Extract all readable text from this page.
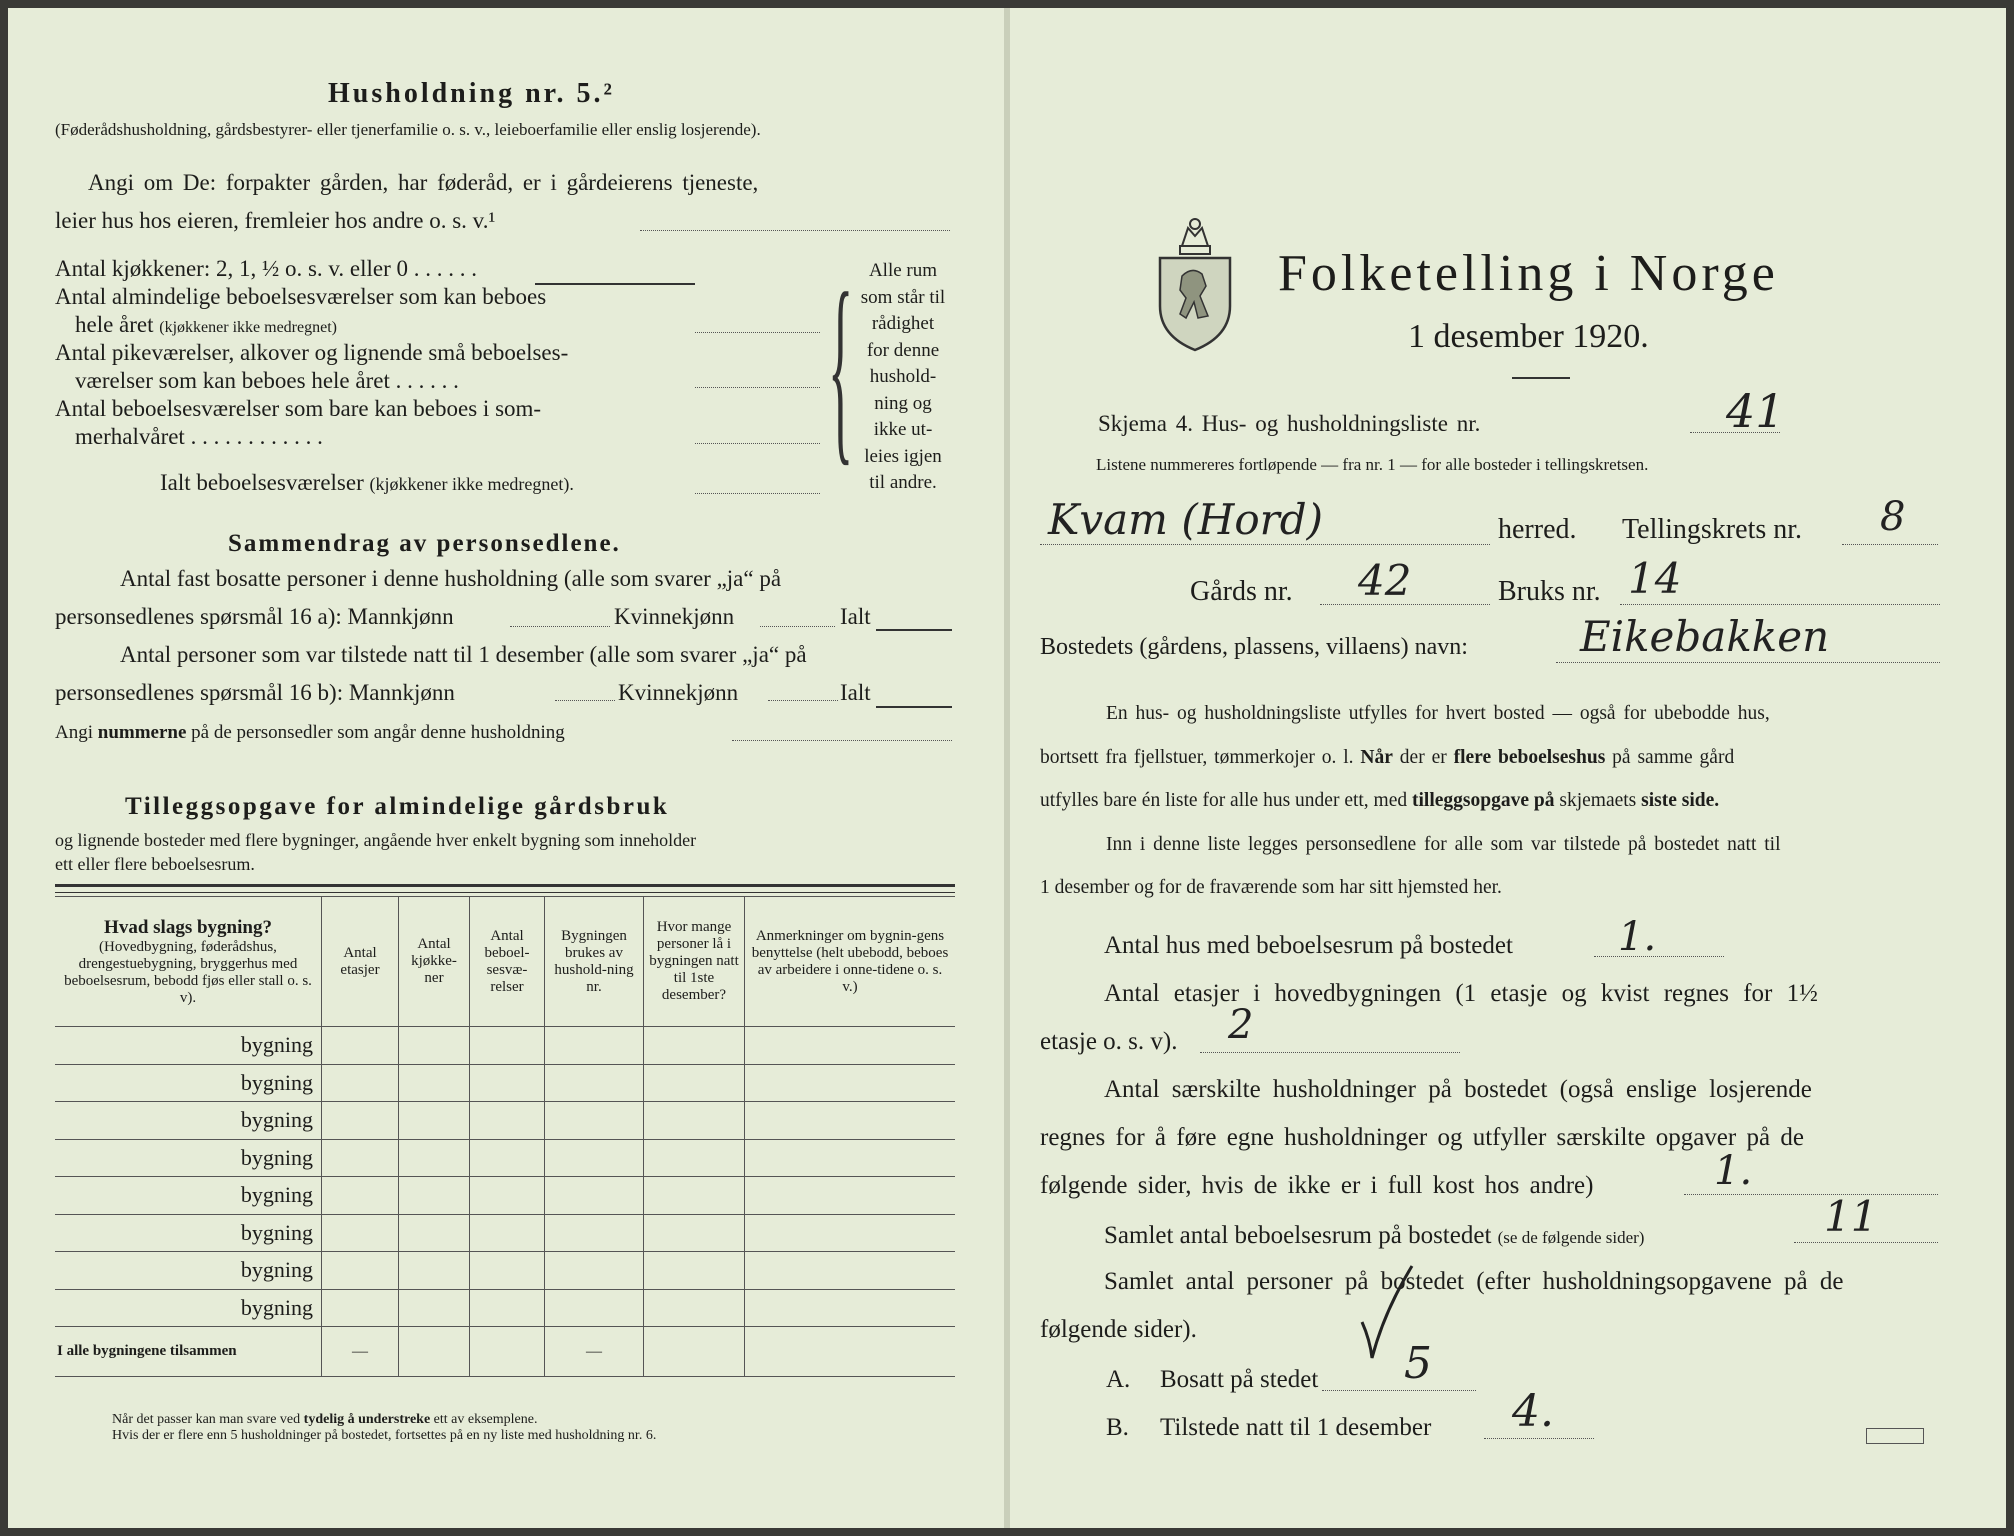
Husholdning nr. 5.²
(Føderådshusholdning, gårdsbestyrer- eller tjenerfamilie o. s. v., leieboerfamilie eller enslig losjerende).
Angi om De: forpakter gården, har føderåd, er i gårdeierens tjeneste,
leier hus hos eieren, fremleier hos andre o. s. v.¹
Antal kjøkkener: 2, 1, ½ o. s. v. eller 0 . . . . . .
Antal almindelige beboelsesværelser som kan beboes
hele året (kjøkkener ikke medregnet)
Antal pikeværelser, alkover og lignende små beboelses-
værelser som kan beboes hele året . . . . . .
Antal beboelsesværelser som bare kan beboes i som-
merhalvåret . . . . . . . . . . . . { Alle rum
som står til
rådighet
for denne
hushold-
ning og
ikke ut-
leies igjen
til andre.
Ialt beboelsesværelser (kjøkkener ikke medregnet).
Sammendrag av personsedlene.
Antal fast bosatte personer i denne husholdning (alle som svarer „ja“ på
personsedlenes spørsmål 16 a): Mannkjønn	Kvinnekjønn	Ialt
Antal personer som var tilstede natt til 1 desember (alle som svarer „ja“ på
personsedlenes spørsmål 16 b): Mannkjønn	Kvinnekjønn	Ialt
Angi nummerne på de personsedler som angår denne husholdning
Tilleggsopgave for almindelige gårdsbruk
og lignende bosteder med flere bygninger, angående hver enkelt bygning som inneholder
ett eller flere beboelsesrum.
Hvad slags bygning?
(Hovedbygning, føderådshus, drengestuebygning, bryggerhus med beboelsesrum, bebodd fjøs eller stall o. s. v).	Antal etasjer	Antal kjøkke-ner	Antal beboel-sesvæ-relser	Bygningen brukes av hushold-ning nr.	Hvor mange personer lå i bygningen natt til 1ste desember?	Anmerkninger om bygnin-gens benyttelse (helt ubebodd, beboes av arbeidere i onne-tidene o. s. v.)
bygning						
bygning						
bygning						
bygning						
bygning						
bygning						
bygning						
bygning						
I alle bygningene tilsammen	—			—		
Når det passer kan man svare ved tydelig å understreke ett av eksemplene.
Hvis der er flere enn 5 husholdninger på bostedet, fortsettes på en ny liste med husholdning nr. 6.
Folketelling i Norge
1 desember 1920.
Skjema 4. Hus- og husholdningsliste nr.	41
Listene nummereres fortløpende — fra nr. 1 — for alle bosteder i tellingskretsen.
Kvam (Hord)	herred. Tellingskrets nr. 8
Gårds nr. 42	Bruks nr. 14
Bostedets (gårdens, plassens, villaens) navn:	Eikebakken
En hus- og husholdningsliste utfylles for hvert bosted — også for ubebodde hus,
bortsett fra fjellstuer, tømmerkojer o. l. Når der er flere beboelseshus på samme gård
utfylles bare én liste for alle hus under ett, med tilleggsopgave på skjemaets siste side.
Inn i denne liste legges personsedlene for alle som var tilstede på bostedet natt til
1 desember og for de fraværende som har sitt hjemsted her.
Antal hus med beboelsesrum på bostedet	1.
Antal etasjer i hovedbygningen (1 etasje og kvist regnes for 1½
etasje o. s. v). 2
Antal særskilte husholdninger på bostedet (også enslige losjerende
regnes for å føre egne husholdninger og utfyller særskilte opgaver på de
følgende sider, hvis de ikke er i full kost hos andre)	1.
Samlet antal beboelsesrum på bostedet (se de følgende sider)	11
Samlet antal personer på bostedet (efter husholdningsopgavene på de
følgende sider).
A. Bosatt på stedet 5
B. Tilstede natt til 1 desember 4.
